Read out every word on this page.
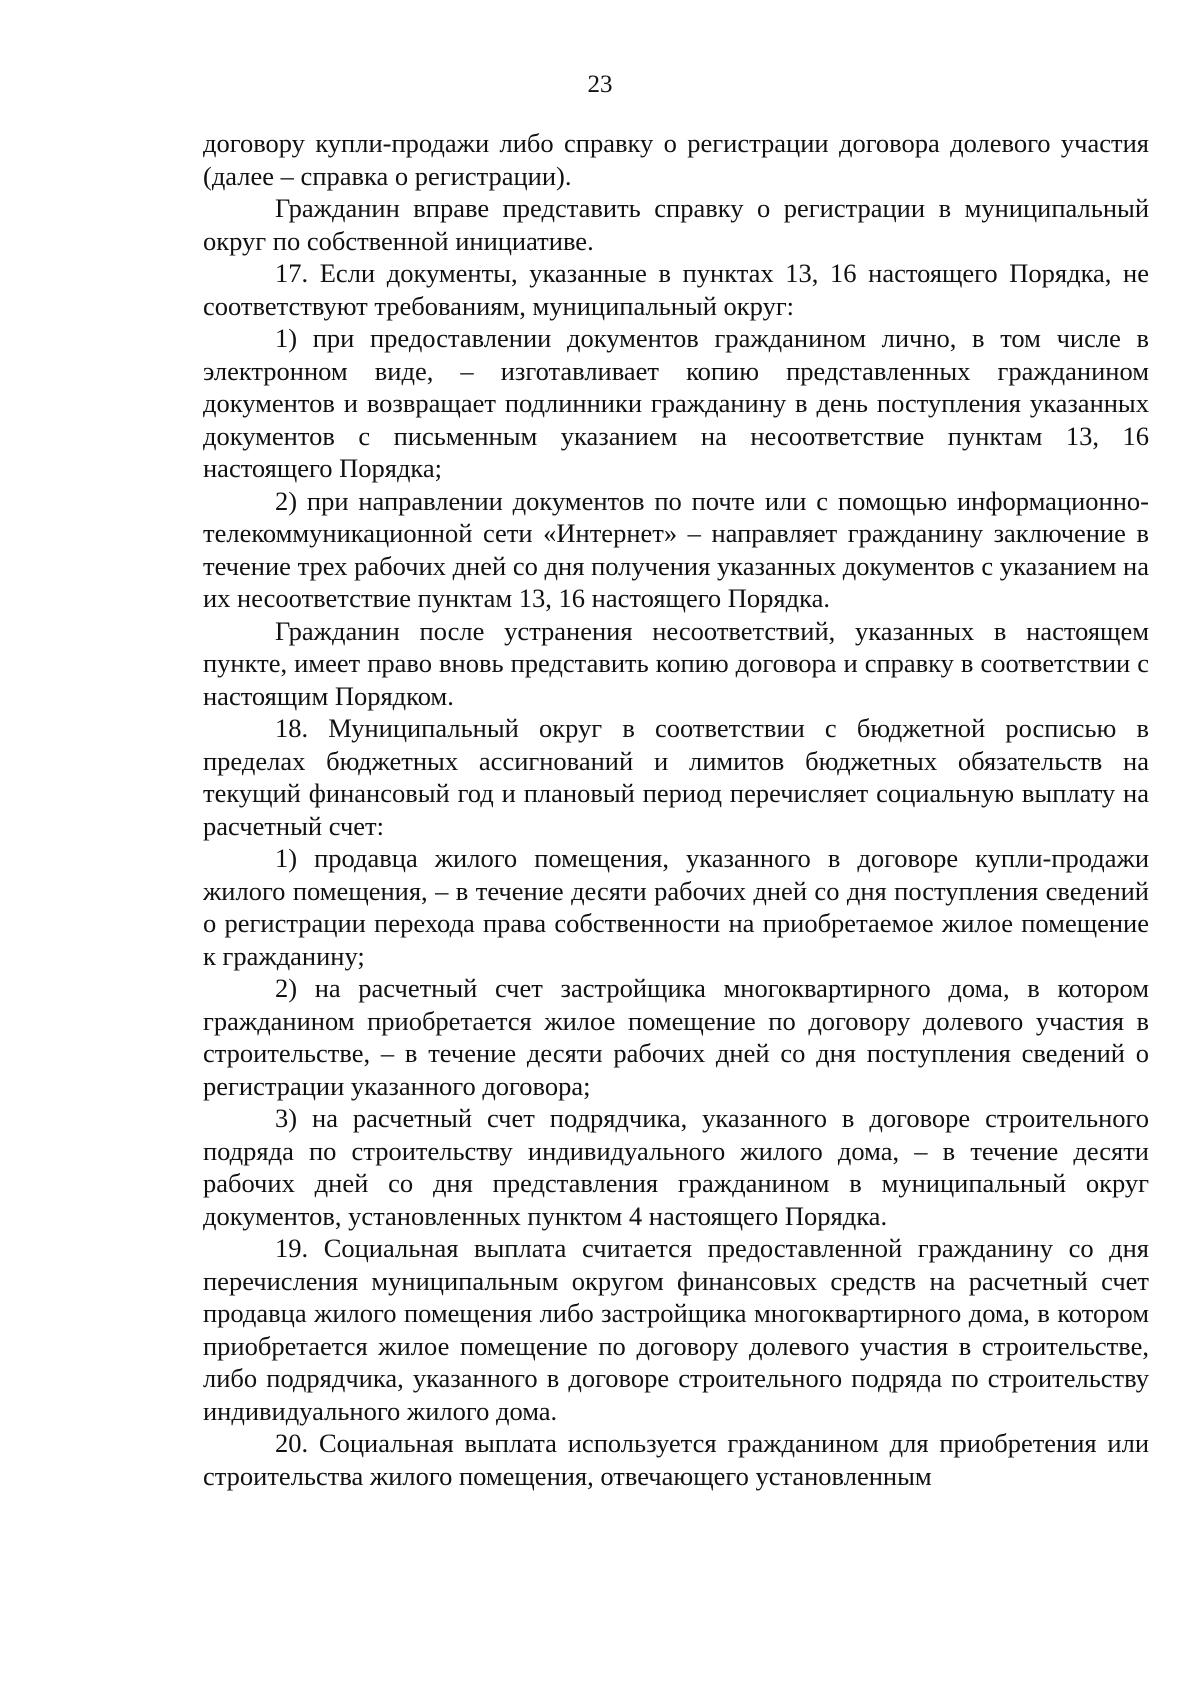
23

договору купли-продажи либо справку о регистрации договора долевого участия (далее – справка о регистрации).

Гражданин вправе представить справку о регистрации в муниципальный округ по собственной инициативе.

17. Если документы, указанные в пунктах 13, 16 настоящего Порядка, не соответствуют требованиям, муниципальный округ:

1) при предоставлении документов гражданином лично, в том числе в электронном виде, – изготавливает копию представленных гражданином документов и возвращает подлинники гражданину в день поступления указанных документов с письменным указанием на несоответствие пунктам 13, 16 настоящего Порядка;

2) при направлении документов по почте или с помощью информационно-телекоммуникационной сети «Интернет» – направляет гражданину заключение в течение трех рабочих дней со дня получения указанных документов с указанием на их несоответствие пунктам 13, 16 настоящего Порядка.

Гражданин после устранения несоответствий, указанных в настоящем пункте, имеет право вновь представить копию договора и справку в соответствии с настоящим Порядком.

18. Муниципальный округ в соответствии с бюджетной росписью в пределах бюджетных ассигнований и лимитов бюджетных обязательств на текущий финансовый год и плановый период перечисляет социальную выплату на расчетный счет:

1) продавца жилого помещения, указанного в договоре купли-продажи жилого помещения, – в течение десяти рабочих дней со дня поступления сведений о регистрации перехода права собственности на приобретаемое жилое помещение к гражданину;

2) на расчетный счет застройщика многоквартирного дома, в котором гражданином приобретается жилое помещение по договору долевого участия в строительстве, – в течение десяти рабочих дней со дня поступления сведений о регистрации указанного договора;

3) на расчетный счет подрядчика, указанного в договоре строительного подряда по строительству индивидуального жилого дома, – в течение десяти рабочих дней со дня представления гражданином в муниципальный округ документов, установленных пунктом 4 настоящего Порядка.

19. Социальная выплата считается предоставленной гражданину со дня перечисления муниципальным округом финансовых средств на расчетный счет продавца жилого помещения либо застройщика многоквартирного дома, в котором приобретается жилое помещение по договору долевого участия в строительстве, либо подрядчика, указанного в договоре строительного подряда по строительству индивидуального жилого дома.

20. Социальная выплата используется гражданином для приобретения или строительства жилого помещения, отвечающего установленным
